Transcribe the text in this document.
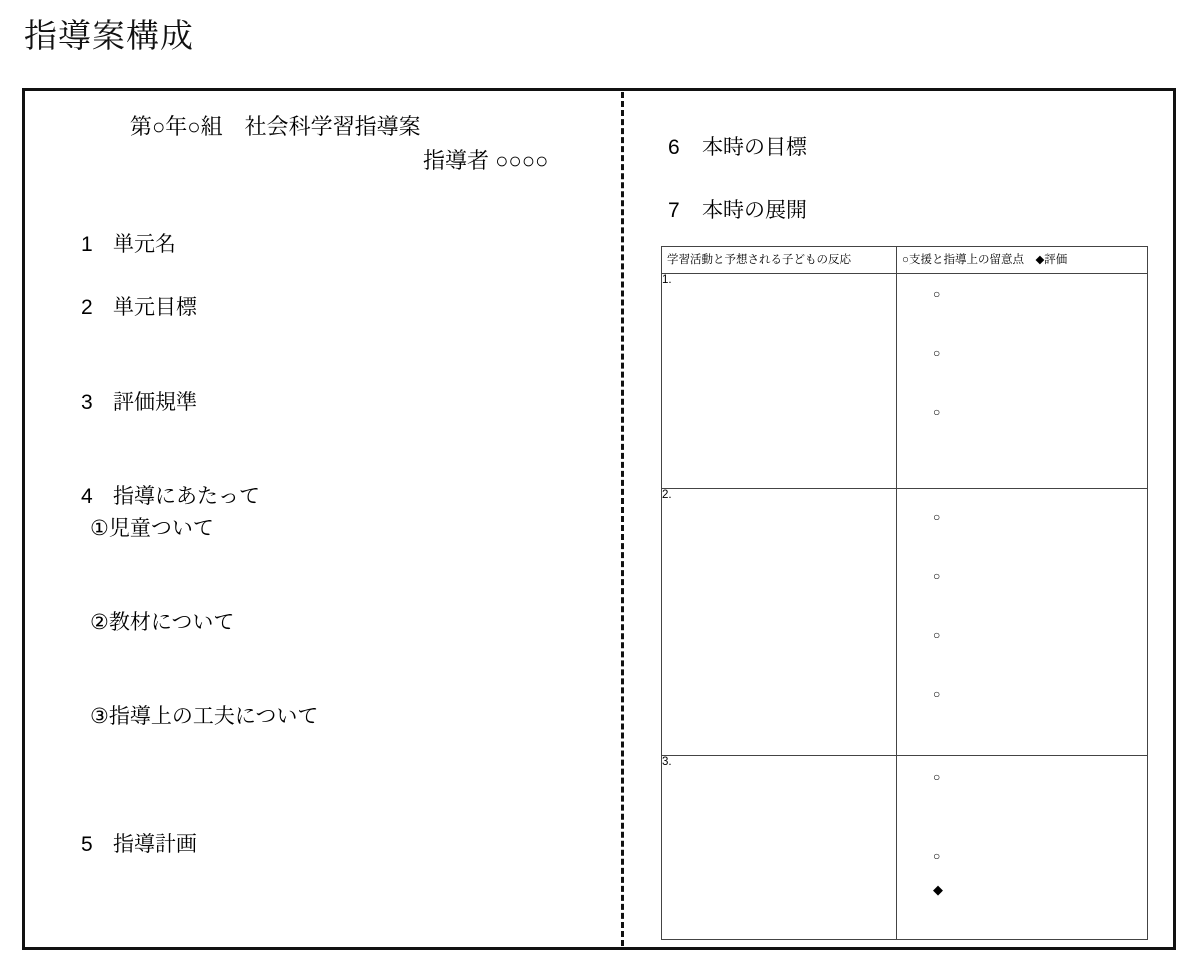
指導案構成
第○年○組　社会科学習指導案
指導者 ○○○○
1 単元名
2 単元目標
3 評価規準
4 指導にあたって
①児童ついて
②教材について
③指導上の工夫について
5 指導計画
6 本時の目標
7 本時の展開
学習活動と予想される子どもの反応	○支援と指導上の留意点　◆評価
1.	○
○
○

2.	○
○
○
○

3.	○
○
◆
